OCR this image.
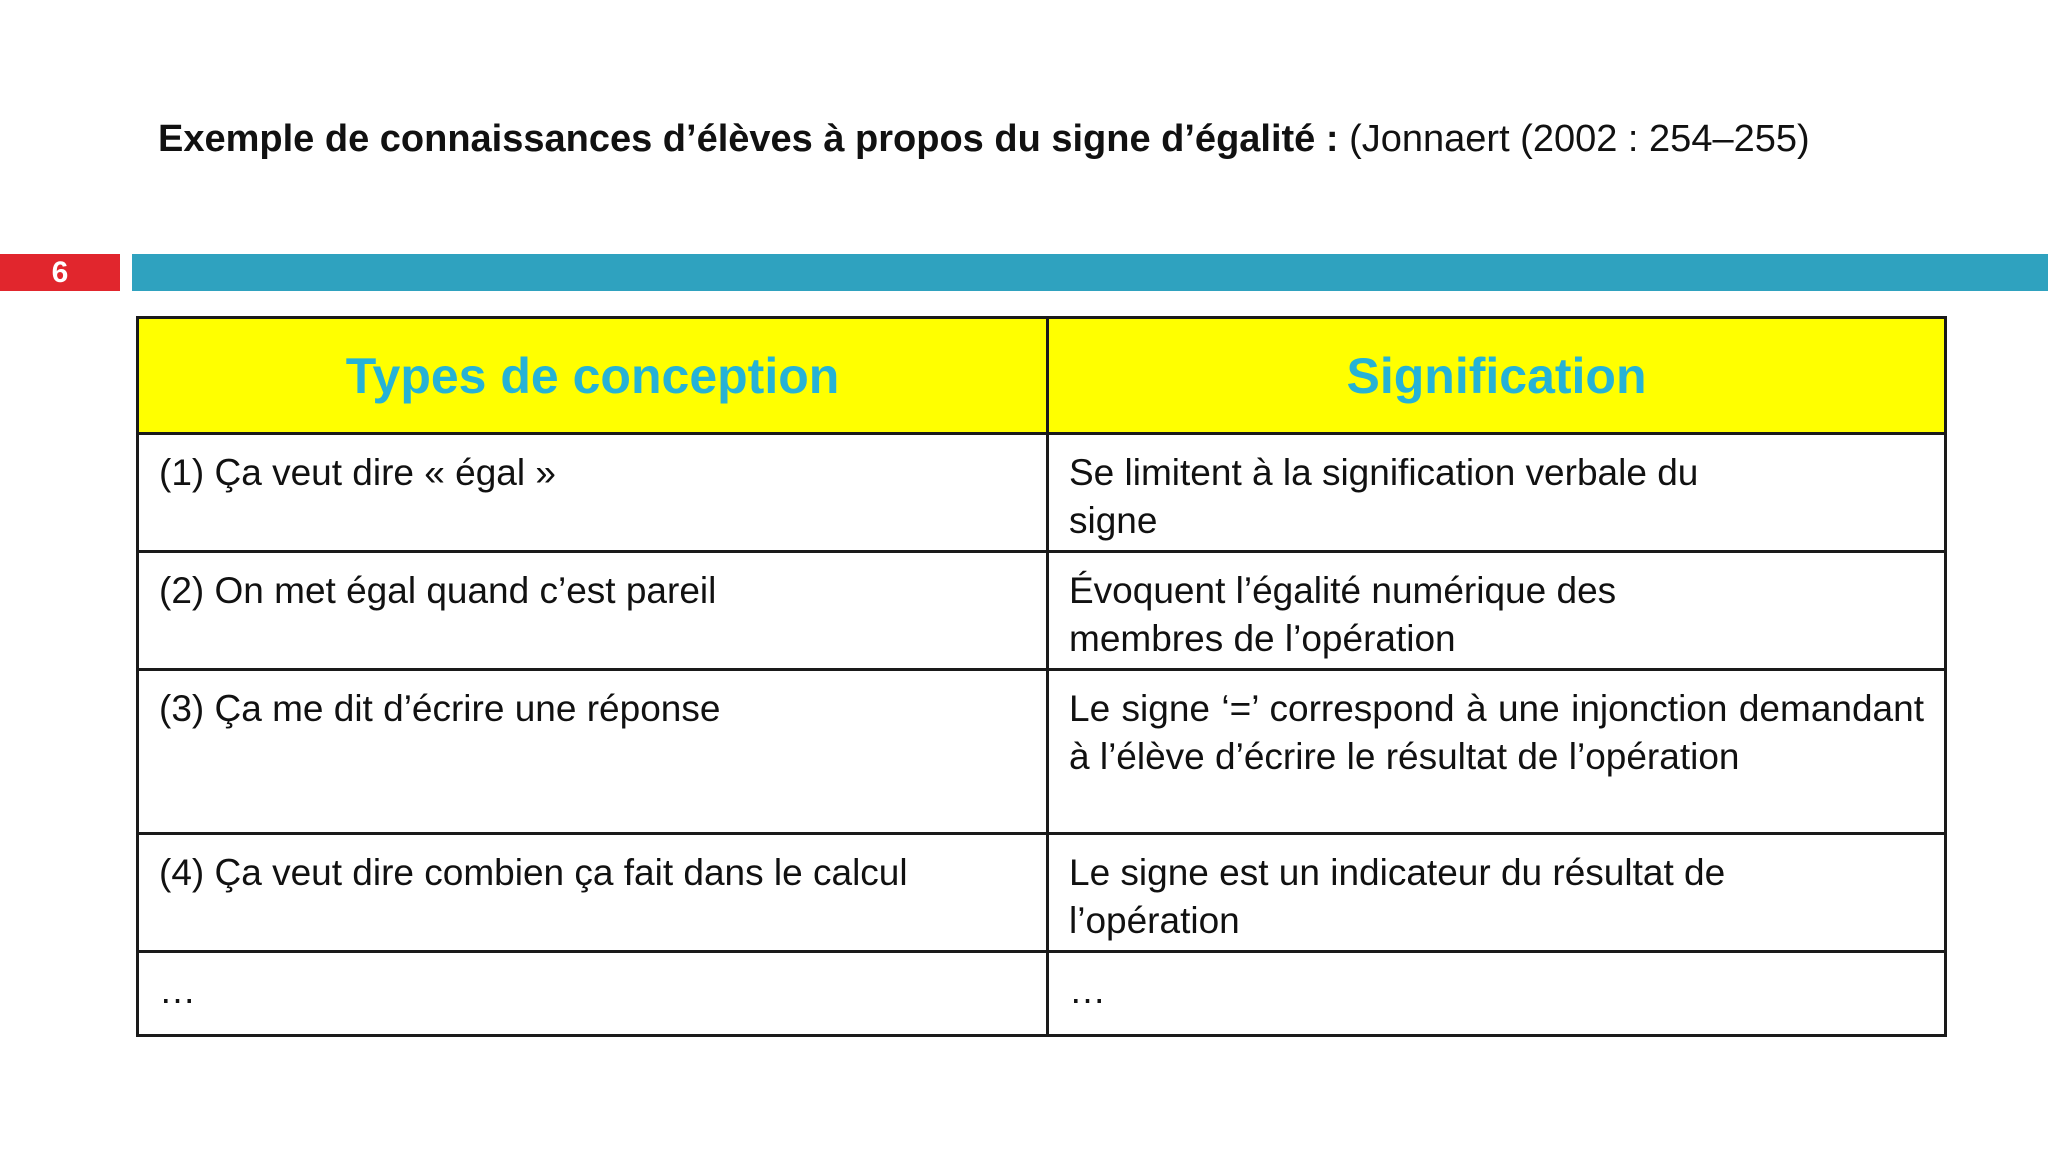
Exemple de connaissances d’élèves à propos du signe d’égalité : (Jonnaert (2002 : 254–255)
6
Types de conception	Signification
(1) Ça veut dire « égal »	Se limitent à la signification verbale du signe
(2) On met égal quand c’est pareil	Évoquent l’égalité numérique des membres de l’opération
(3) Ça me dit d’écrire une réponse	Le signe ‘=’ correspond à une injonction demandant à l’élève d’écrire le résultat de l’opération
(4) Ça veut dire combien ça fait dans le calcul	Le signe est un indicateur du résultat de l’opération
…	…
